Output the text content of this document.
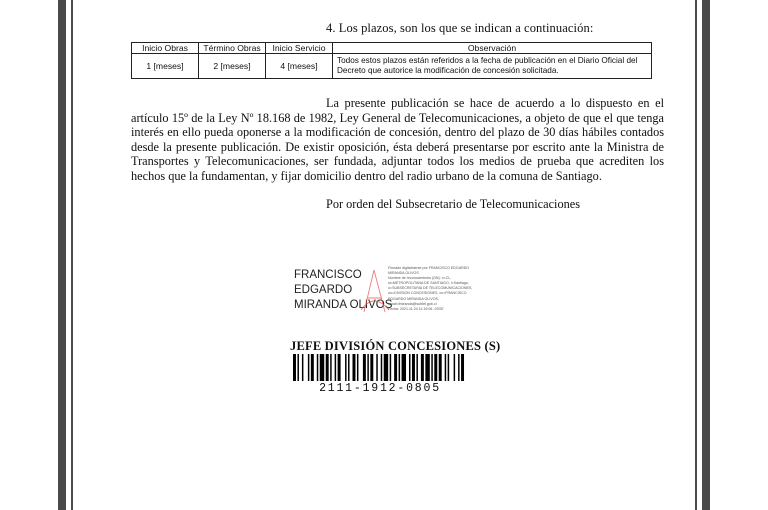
4. Los plazos, son los que se indican a continuación:
Inicio Obras	Término Obras	Inicio Servicio	Observación
1 [meses]	2 [meses]	4 [meses]	Todos estos plazos están referidos a la fecha de publicación en el Diario Oficial del Decreto que autorice la modificación de concesión solicitada.

La presente publicación se hace de acuerdo a lo dispuesto en el artículo 15º de la Ley Nº 18.168 de 1982, Ley General de Telecomunicaciones, a objeto de que el que tenga interés en ello pueda oponerse a la modificación de concesión, dentro del plazo de 30 días hábiles contados desde la presente publicación. De existir oposición, ésta deberá presentarse por escrito ante la Ministra de Transportes y Telecomunicaciones, ser fundada, adjuntar todos los medios de prueba que acrediten los hechos que la fundamentan, y fijar domicilio dentro del radio urbano de la comuna de Santiago.

Por orden del Subsecretario de Telecomunicaciones
FRANCISCO
EDGARDO
MIRANDA OLIVOS
Firmado digitalmente por FRANCISCO EDGARDO
MIRANDA OLIVOS
Nombre de reconocimiento (DN): c=CL,
st=METROPOLITANA DE SANTIAGO, l=Santiago,
o=SUBSECRETARIA DE TELECOMUNICACIONES,
ou=DIVISION CONCESIONES, cn=FRANCISCO
EDGARDO MIRANDA OLIVOS,
email=fmiranda@subtel.gob.cl
Fecha: 2021.11.24 11:19:06 -03'00'
JEFE DIVISIÓN CONCESIONES (S)
2111-1912-0805
